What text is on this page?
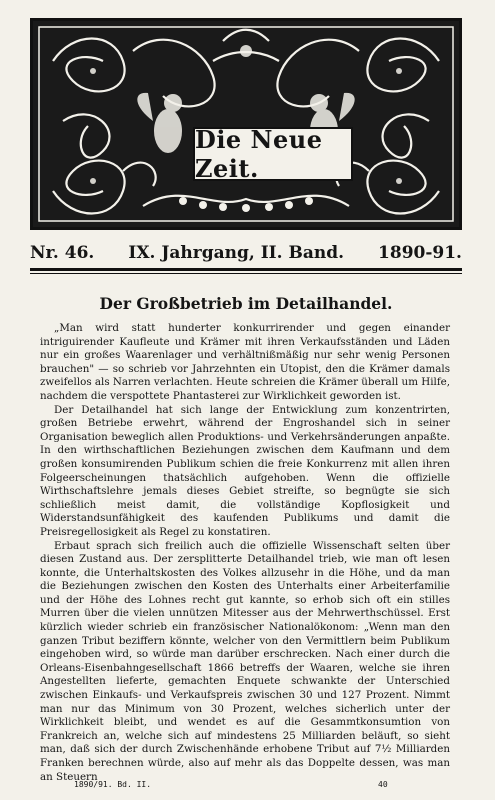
Die Neue Zeit.
Nr. 46. IX. Jahrgang, II. Band. 1890-91.
Der Großbetrieb im Detailhandel.

„Man wird statt hunderter konkurrirender und gegen einander intriguirender Kaufleute und Krämer mit ihren Verkaufsständen und Läden nur ein großes Waarenlager und verhältnißmäßig nur sehr wenig Personen brauchen" — so schrieb vor Jahrzehnten ein Utopist, den die Krämer damals zweifellos als Narren verlachten. Heute schreien die Krämer überall um Hilfe, nachdem die verspottete Phantasterei zur Wirklichkeit geworden ist.

Der Detailhandel hat sich lange der Entwicklung zum konzentrirten, großen Betriebe erwehrt, während der Engroshandel sich in seiner Organisation beweglich allen Produktions- und Verkehrsänderungen anpaßte. In den wirthschaftlichen Beziehungen zwischen dem Kaufmann und dem großen konsumirenden Publikum schien die freie Konkurrenz mit allen ihren Folgeerscheinungen thatsächlich aufgehoben. Wenn die offizielle Wirthschaftslehre jemals dieses Gebiet streifte, so begnügte sie sich schließlich meist damit, die vollständige Kopflosigkeit und Widerstandsunfähigkeit des kaufenden Publikums und damit die Preisregellosigkeit als Regel zu konstatiren.

Erbaut sprach sich freilich auch die offizielle Wissenschaft selten über diesen Zustand aus. Der zersplitterte Detailhandel trieb, wie man oft lesen konnte, die Unterhaltskosten des Volkes allzusehr in die Höhe, und da man die Beziehungen zwischen den Kosten des Unterhalts einer Arbeiterfamilie und der Höhe des Lohnes recht gut kannte, so erhob sich oft ein stilles Murren über die vielen unnützen Mitesser aus der Mehrwerthschüssel. Erst kürzlich wieder schrieb ein französischer Nationalökonom: „Wenn man den ganzen Tribut beziffern könnte, welcher von den Vermittlern beim Publikum eingehoben wird, so würde man darüber erschrecken. Nach einer durch die Orleans-Eisenbahngesellschaft 1866 betreffs der Waaren, welche sie ihren Angestellten lieferte, gemachten Enquete schwankte der Unterschied zwischen Einkaufs- und Verkaufspreis zwischen 30 und 127 Prozent. Nimmt man nur das Minimum von 30 Prozent, welches sicherlich unter der Wirklichkeit bleibt, und wendet es auf die Gesammtkonsumtion von Frankreich an, welche sich auf mindestens 25 Milliarden beläuft, so sieht man, daß sich der durch Zwischenhände erhobene Tribut auf 7½ Milliarden Franken berechnen würde, also auf mehr als das Doppelte dessen, was man an Steuern

1890/91. Bd. II.	40
